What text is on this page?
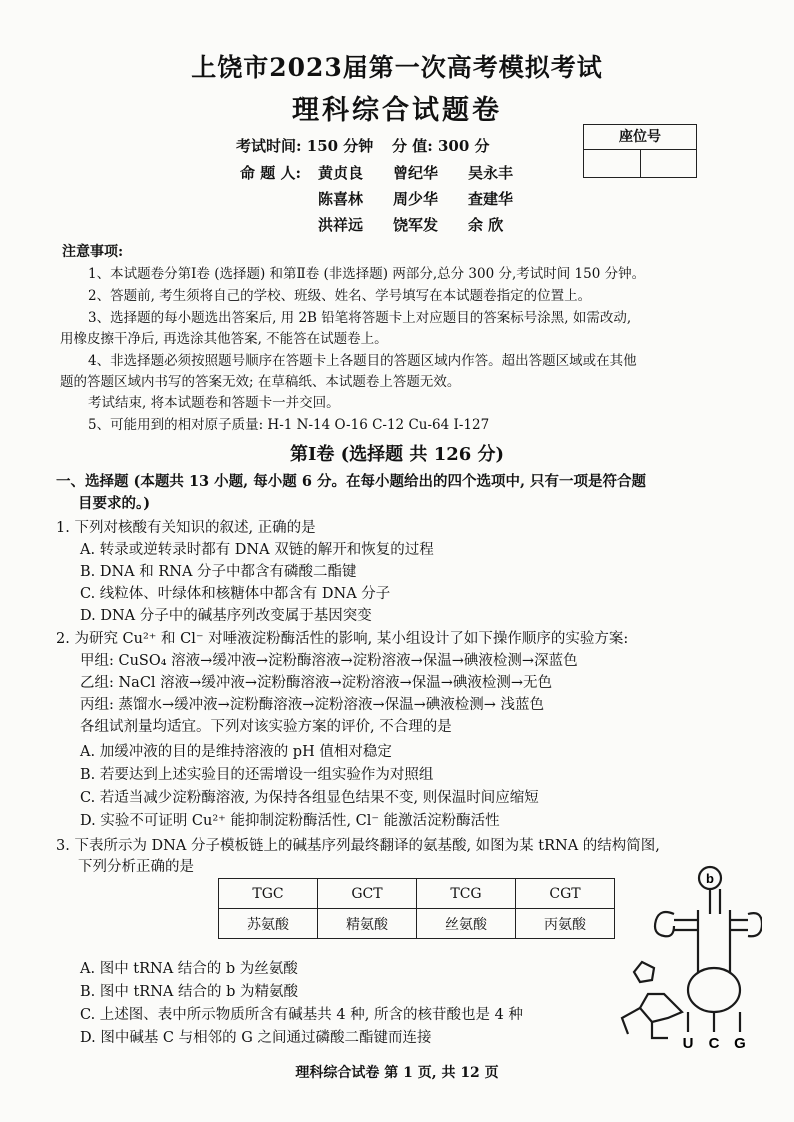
上饶市2023届第一次高考模拟考试
理科综合试题卷
考试时间: 150 分钟 分 值: 300 分
命 题 人: 黄贞良 曾纪华 吴永丰
陈喜林 周少华 查建华
洪祥远 饶军发 余 欣
座位号
注意事项:
1、本试题卷分第Ⅰ卷 (选择题) 和第Ⅱ卷 (非选择题) 两部分,总分 300 分,考试时间 150 分钟。
2、答题前, 考生须将自己的学校、班级、姓名、学号填写在本试题卷指定的位置上。
3、选择题的每小题选出答案后, 用 2B 铅笔将答题卡上对应题目的答案标号涂黑, 如需改动,
用橡皮擦干净后, 再选涂其他答案, 不能答在试题卷上。
4、非选择题必须按照题号顺序在答题卡上各题目的答题区域内作答。超出答题区域或在其他
题的答题区域内书写的答案无效; 在草稿纸、本试题卷上答题无效。
考试结束, 将本试题卷和答题卡一并交回。
5、可能用到的相对原子质量: H-1 N-14 O-16 C-12 Cu-64 I-127
第Ⅰ卷 (选择题 共 126 分)
一、选择题 (本题共 13 小题, 每小题 6 分。在每小题给出的四个选项中, 只有一项是符合题
目要求的。)
1. 下列对核酸有关知识的叙述, 正确的是
A. 转录或逆转录时都有 DNA 双链的解开和恢复的过程
B. DNA 和 RNA 分子中都含有磷酸二酯键
C. 线粒体、叶绿体和核糖体中都含有 DNA 分子
D. DNA 分子中的碱基序列改变属于基因突变
2. 为研究 Cu²⁺ 和 Cl⁻ 对唾液淀粉酶活性的影响, 某小组设计了如下操作顺序的实验方案:
甲组: CuSO₄ 溶液→缓冲液→淀粉酶溶液→淀粉溶液→保温→碘液检测→深蓝色
乙组: NaCl 溶液→缓冲液→淀粉酶溶液→淀粉溶液→保温→碘液检测→无色
丙组: 蒸馏水→缓冲液→淀粉酶溶液→淀粉溶液→保温→碘液检测→ 浅蓝色
各组试剂量均适宜。下列对该实验方案的评价, 不合理的是
A. 加缓冲液的目的是维持溶液的 pH 值相对稳定
B. 若要达到上述实验目的还需增设一组实验作为对照组
C. 若适当减少淀粉酶溶液, 为保持各组显色结果不变, 则保温时间应缩短
D. 实验不可证明 Cu²⁺ 能抑制淀粉酶活性, Cl⁻ 能激活淀粉酶活性
3. 下表所示为 DNA 分子模板链上的碱基序列最终翻译的氨基酸, 如图为某 tRNA 的结构简图,
下列分析正确的是
TGC	GCT	TCG	CGT
苏氨酸	精氨酸	丝氨酸	丙氨酸
A. 图中 tRNA 结合的 b 为丝氨酸
B. 图中 tRNA 结合的 b 为精氨酸
C. 上述图、表中所示物质所含有碱基共 4 种, 所含的核苷酸也是 4 种
D. 图中碱基 C 与相邻的 G 之间通过磷酸二酯键而连接
b
U C G
理科综合试卷 第 1 页, 共 12 页
